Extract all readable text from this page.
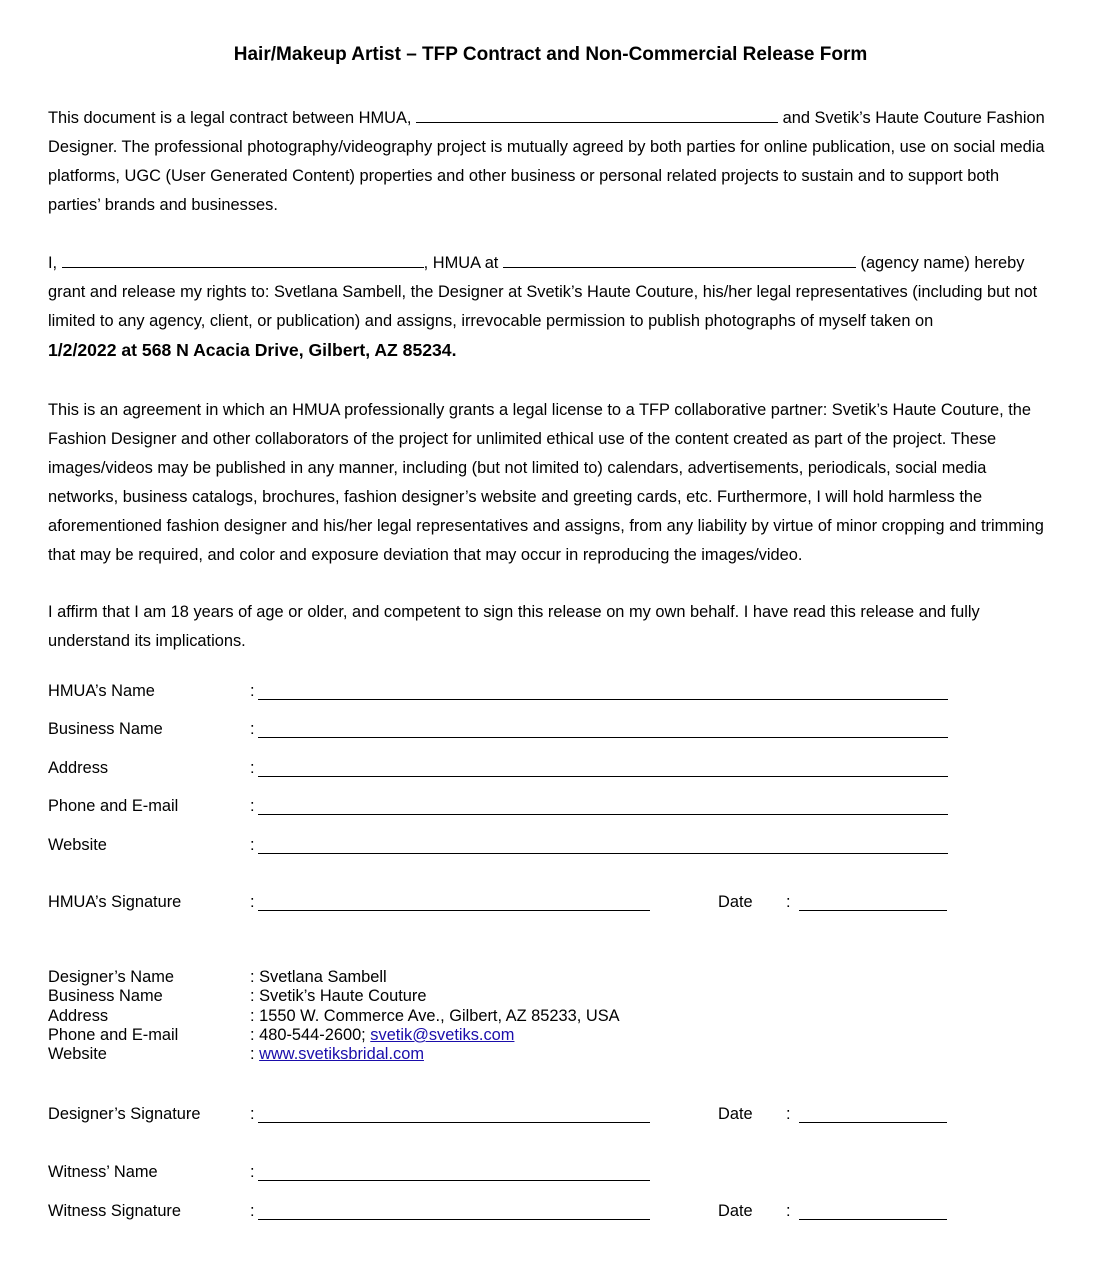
Hair/Makeup Artist – TFP Contract and Non-Commercial Release Form

This document is a legal contract between HMUA,	and Svetik’s Haute Couture Fashion Designer. The professional photography/videography project is mutually agreed by both parties for online publication, use on social media platforms, UGC (User Generated Content) properties and other business or personal related projects to sustain and to support both parties’ brands and businesses.

I,	, HMUA at	(agency name) hereby grant and release my rights to: Svetlana Sambell, the Designer at Svetik’s Haute Couture, his/her legal representatives (including but not limited to any agency, client, or publication) and assigns, irrevocable permission to publish photographs of myself taken on
1/2/2022 at 568 N Acacia Drive, Gilbert, AZ 85234.

This is an agreement in which an HMUA professionally grants a legal license to a TFP collaborative partner: Svetik’s Haute Couture, the Fashion Designer and other collaborators of the project for unlimited ethical use of the content created as part of the project. These images/videos may be published in any manner, including (but not limited to) calendars, advertisements, periodicals, social media networks, business catalogs, brochures, fashion designer’s website and greeting cards, etc. Furthermore, I will hold harmless the aforementioned fashion designer and his/her legal representatives and assigns, from any liability by virtue of minor cropping and trimming that may be required, and color and exposure deviation that may occur in reproducing the images/video.

I affirm that I am 18 years of age or older, and competent to sign this release on my own behalf. I have read this release and fully understand its implications.

HMUA’s Name	:
Business Name	:
Address	:
Phone and E-mail	:
Website	:
HMUA’s Signature	:	Date :
Designer’s Name	: Svetlana Sambell
Business Name	: Svetik’s Haute Couture
Address	: 1550 W. Commerce Ave., Gilbert, AZ 85233, USA
Phone and E-mail	: 480-544-2600; svetik@svetiks.com
Website	: www.svetiksbridal.com
Designer’s Signature	:	Date :
Witness’ Name	:
Witness Signature	:	Date :
